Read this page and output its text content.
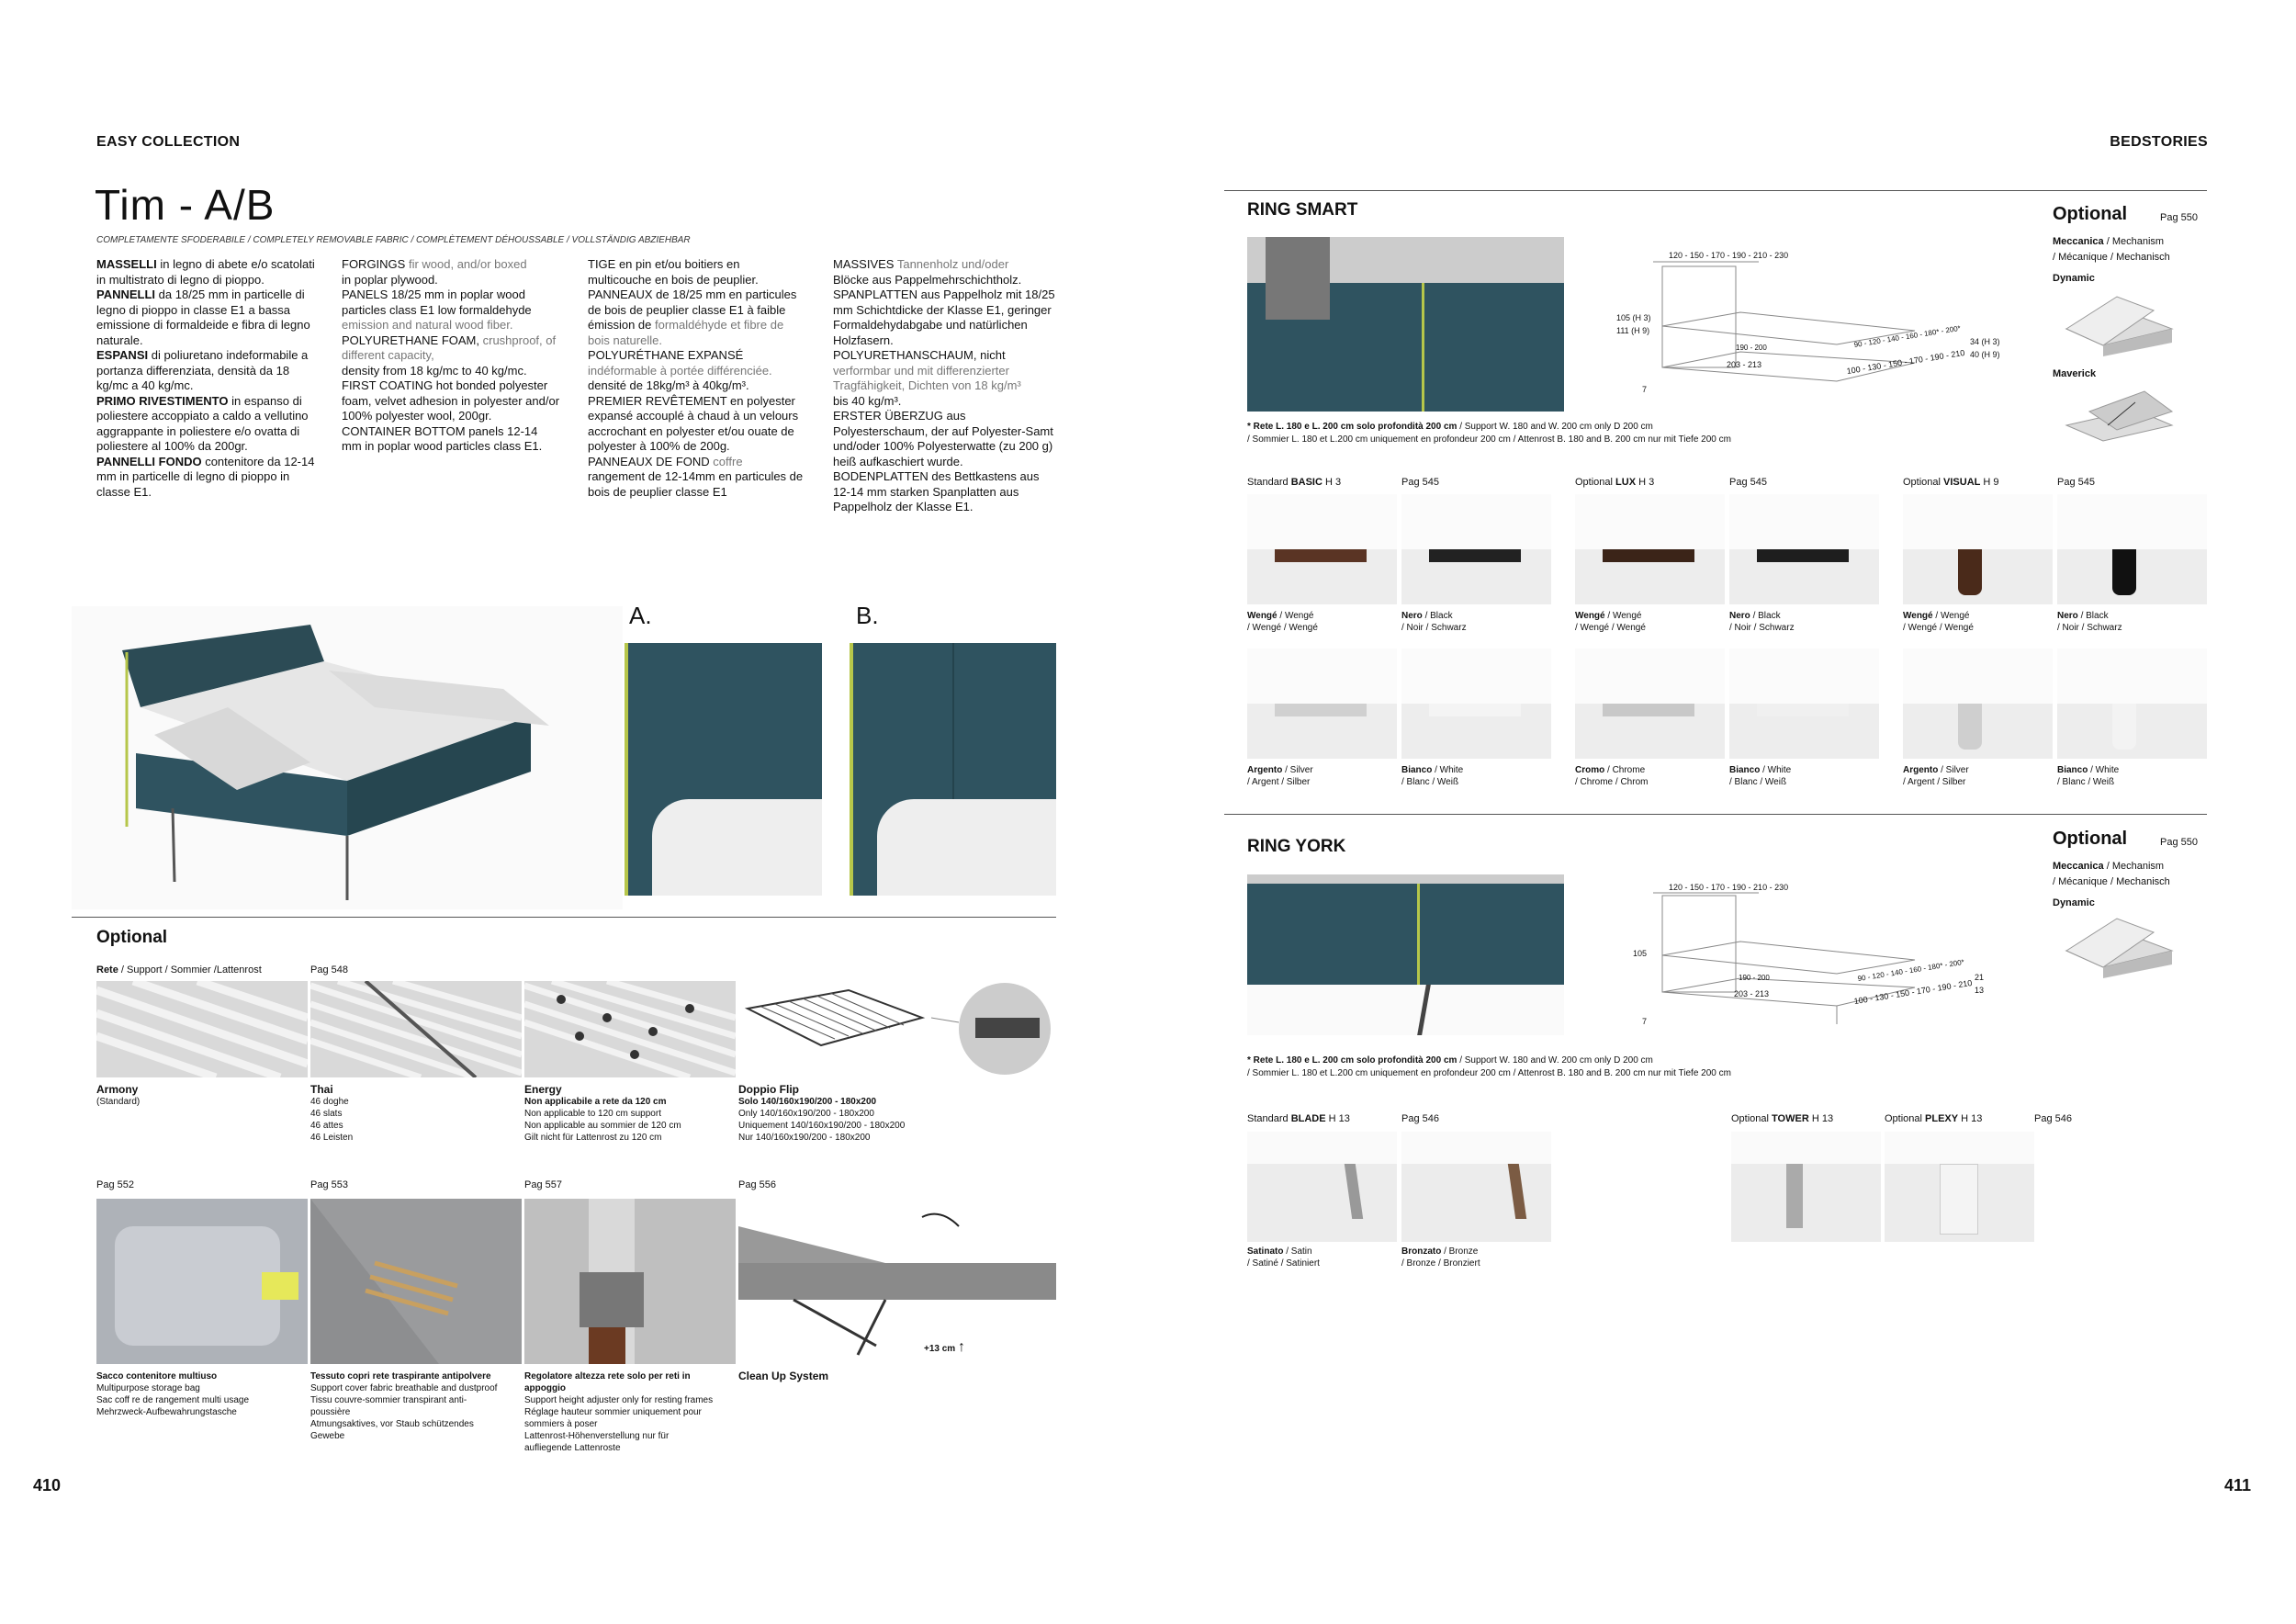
EASY COLLECTION
Tim - A/B
COMPLETAMENTE SFODERABILE / COMPLETELY REMOVABLE FABRIC / COMPLÈTEMENT DÉHOUSSABLE / VOLLSTÄNDIG ABZIEHBAR
MASSELLI in legno di abete e/o scatolati in multistrato di legno di pioppo.
PANNELLI da 18/25 mm in particelle di legno di pioppo in classe E1 a bassa emissione di formaldeide e fibra di legno naturale.
ESPANSI di poliuretano indeformabile a portanza differenziata, densità da 18 kg/mc a 40 kg/mc.
PRIMO RIVESTIMENTO in espanso di poliestere accoppiato a caldo a vellutino aggrappante in poliestere e/o ovatta di poliestere al 100% da 200gr.
PANNELLI FONDO contenitore da 12-14 mm in particelle di legno di pioppo in classe E1.
FORGINGS fir wood, and/or boxed
in poplar plywood.
PANELS 18/25 mm in poplar wood particles class E1 low formaldehyde emission and natural wood fiber.
POLYURETHANE FOAM, crushproof, of different capacity,
density from 18 kg/mc to 40 kg/mc.
FIRST COATING hot bonded polyester foam, velvet adhesion in polyester and/or 100% polyester wool, 200gr.
CONTAINER BOTTOM panels 12-14 mm in poplar wood particles class E1.
TIGE en pin et/ou boitiers en multicouche en bois de peuplier.
PANNEAUX de 18/25 mm en particules de bois de peuplier classe E1 à faible émission de formaldéhyde et fibre de bois naturelle.
POLYURÉTHANE EXPANSÉ indéformable à portée différenciée.
densité de 18kg/m³ à 40kg/m³.
PREMIER REVÊTEMENT en polyester expansé accouplé à chaud à un velours accrochant en polyester et/ou ouate de polyester à 100% de 200g.
PANNEAUX DE FOND coffre
rangement de 12-14mm en particules de bois de peuplier classe E1
MASSIVES Tannenholz und/oder
Blöcke aus Pappelmehrschichtholz.
SPANPLATTEN aus Pappelholz mit 18/25 mm Schichtdicke der Klasse E1, geringer Formaldehydabgabe und natürlichen Holzfasern.
POLYURETHANSCHAUM, nicht verformbar und mit differenzierter Tragfähigkeit, Dichten von 18 kg/m³
bis 40 kg/m³.
ERSTER ÜBERZUG aus Polyesterschaum, der auf Polyester-Samt und/oder 100% Polyesterwatte (zu 200 g) heiß aufkaschiert wurde.
BODENPLATTEN des Bettkastens aus 12-14 mm starken Spanplatten aus Pappelholz der Klasse E1.
A.	B.
Optional
Rete / Support / Sommier /Lattenrost	Pag 548
Armony
(Standard)
Thai
46 doghe
46 slats
46 attes
46 Leisten
Energy
Non applicabile a rete da 120 cm
Non applicable to 120 cm support
Non applicable au sommier de 120 cm
Gilt nicht für Lattenrost zu 120 cm
Doppio Flip
Solo 140/160x190/200 - 180x200
Only 140/160x190/200 - 180x200
Uniquement 140/160x190/200 - 180x200
Nur 140/160x190/200 - 180x200
Pag 552
Sacco contenitore multiuso
Multipurpose storage bag
Sac coff re de rangement multi usage
Mehrzweck-Aufbewahrungstasche
Pag 553
Tessuto copri rete traspirante antipolvere
Support cover fabric breathable and dustproof
Tissu couvre-sommier transpirant anti-
poussière
Atmungsaktives, vor Staub schützendes
Gewebe
Pag 557
Regolatore altezza rete solo per reti in appoggio
Support height adjuster only for resting frames
Réglage hauteur sommier uniquement pour
sommiers à poser
Lattenrost-Höhenverstellung nur für
aufliegende Lattenroste
Pag 556
Clean Up System
+13 cm ↑
410
BEDSTORIES
RING SMART
120 - 150 - 170 - 190 - 210 - 230
105 (H 3)
111 (H 9)
190 - 200
203 - 213
90 - 120 - 140 - 160 - 180* - 200*
100 - 130 - 150 - 170 - 190 - 210
34 (H 3)
40 (H 9)
7
* Rete L. 180 e L. 200 cm solo profondità 200 cm / Support W. 180 and W. 200 cm only D 200 cm
/ Sommier L. 180 et L.200 cm uniquement en profondeur 200 cm / Attenrost B. 180 and B. 200 cm nur mit Tiefe 200 cm
Optional	Pag 550
Meccanica / Mechanism
/ Mécanique / Mechanisch
Dynamic
Maverick
Standard BASIC H 3	Pag 545	Optional LUX H 3	Pag 545	Optional VISUAL H 9	Pag 545
Wengé / Wengé
/ Wengé / Wengé
Nero / Black
/ Noir / Schwarz
Wengé / Wengé
/ Wengé / Wengé
Nero / Black
/ Noir / Schwarz
Wengé / Wengé
/ Wengé / Wengé
Nero / Black
/ Noir / Schwarz
Argento / Silver
/ Argent / Silber
Bianco / White
/ Blanc / Weiß
Cromo / Chrome
/ Chrome / Chrom
Bianco / White
/ Blanc / Weiß
Argento / Silver
/ Argent / Silber
Bianco / White
/ Blanc / Weiß
RING YORK
120 - 150 - 170 - 190 - 210 - 230
105
190 - 200
203 - 213
90 - 120 - 140 - 160 - 180* - 200*
100 - 130 - 150 - 170 - 190 - 210
21
13
7
* Rete L. 180 e L. 200 cm solo profondità 200 cm / Support W. 180 and W. 200 cm only D 200 cm
/ Sommier L. 180 et L.200 cm uniquement en profondeur 200 cm / Attenrost B. 180 and B. 200 cm nur mit Tiefe 200 cm
Optional	Pag 550
Meccanica / Mechanism
/ Mécanique / Mechanisch
Dynamic
Standard BLADE H 13	Pag 546	Optional TOWER H 13	Optional PLEXY H 13	Pag 546
Satinato / Satin
/ Satiné / Satiniert
Bronzato / Bronze
/ Bronze / Bronziert
411
